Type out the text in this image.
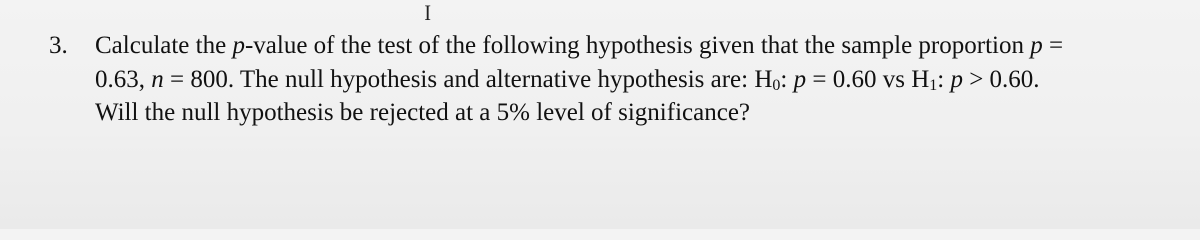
I
3. Calculate the p-value of the test of the following hypothesis given that the sample proportion p =
0.63, n = 800. The null hypothesis and alternative hypothesis are: H0: p = 0.60 vs H1: p > 0.60.
Will the null hypothesis be rejected at a 5% level of significance?
